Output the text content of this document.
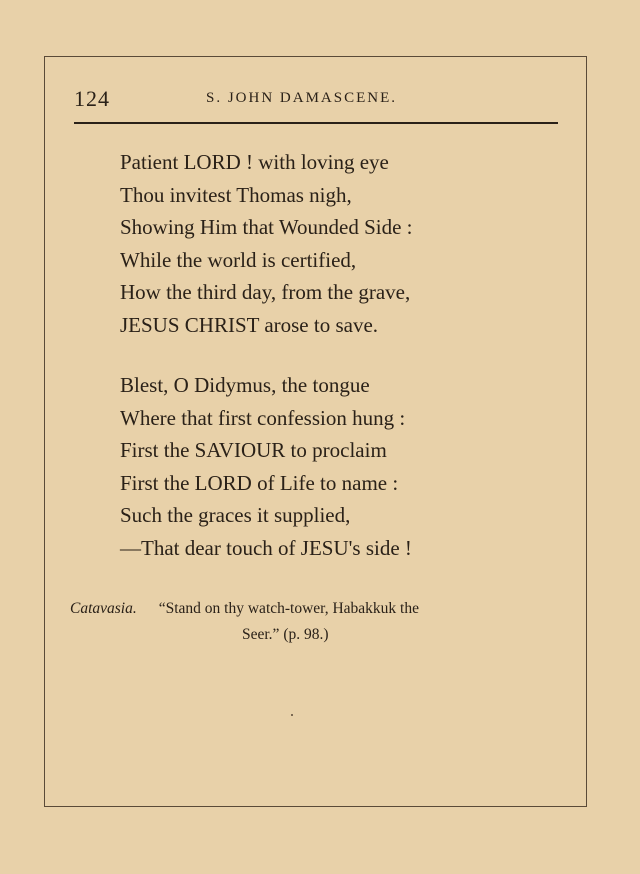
124	S. JOHN DAMASCENE.
Patient LORD ! with loving eye
Thou invitest Thomas nigh,
Showing Him that Wounded Side :
While the world is certified,
How the third day, from the grave,
JESUS CHRIST arose to save.
Blest, O Didymus, the tongue
Where that first confession hung :
First the SAVIOUR to proclaim
First the LORD of Life to name :
Such the graces it supplied,
—That dear touch of JESU's side !
Catavasia. “Stand on thy watch-tower, Habakkuk the
Seer.” (p. 98.)
